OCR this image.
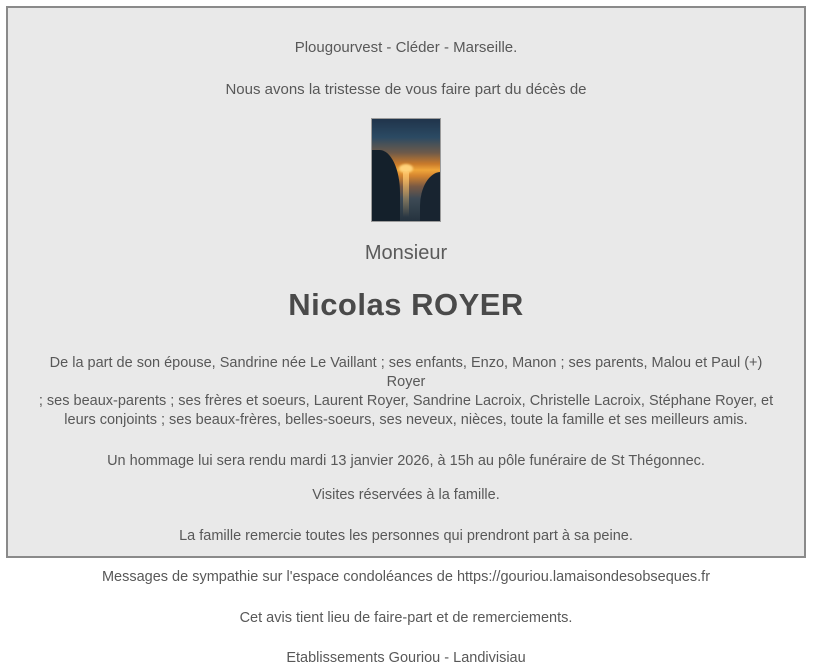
Plougourvest - Cléder - Marseille.

Nous avons la tristesse de vous faire part du décès de

Monsieur

Nicolas ROYER

De la part de son épouse, Sandrine née Le Vaillant ; ses enfants, Enzo, Manon ; ses parents, Malou et Paul (+) Royer
; ses beaux-parents ; ses frères et soeurs, Laurent Royer, Sandrine Lacroix, Christelle Lacroix, Stéphane Royer, et
leurs conjoints ; ses beaux-frères, belles-soeurs, ses neveux, nièces, toute la famille et ses meilleurs amis.

Un hommage lui sera rendu mardi 13 janvier 2026, à 15h au pôle funéraire de St Thégonnec.

Visites réservées à la famille.

La famille remercie toutes les personnes qui prendront part à sa peine.

Messages de sympathie sur l'espace condoléances de https://gouriou.lamaisondesobseques.fr

Cet avis tient lieu de faire-part et de remerciements.

Etablissements Gouriou - Landivisiau
